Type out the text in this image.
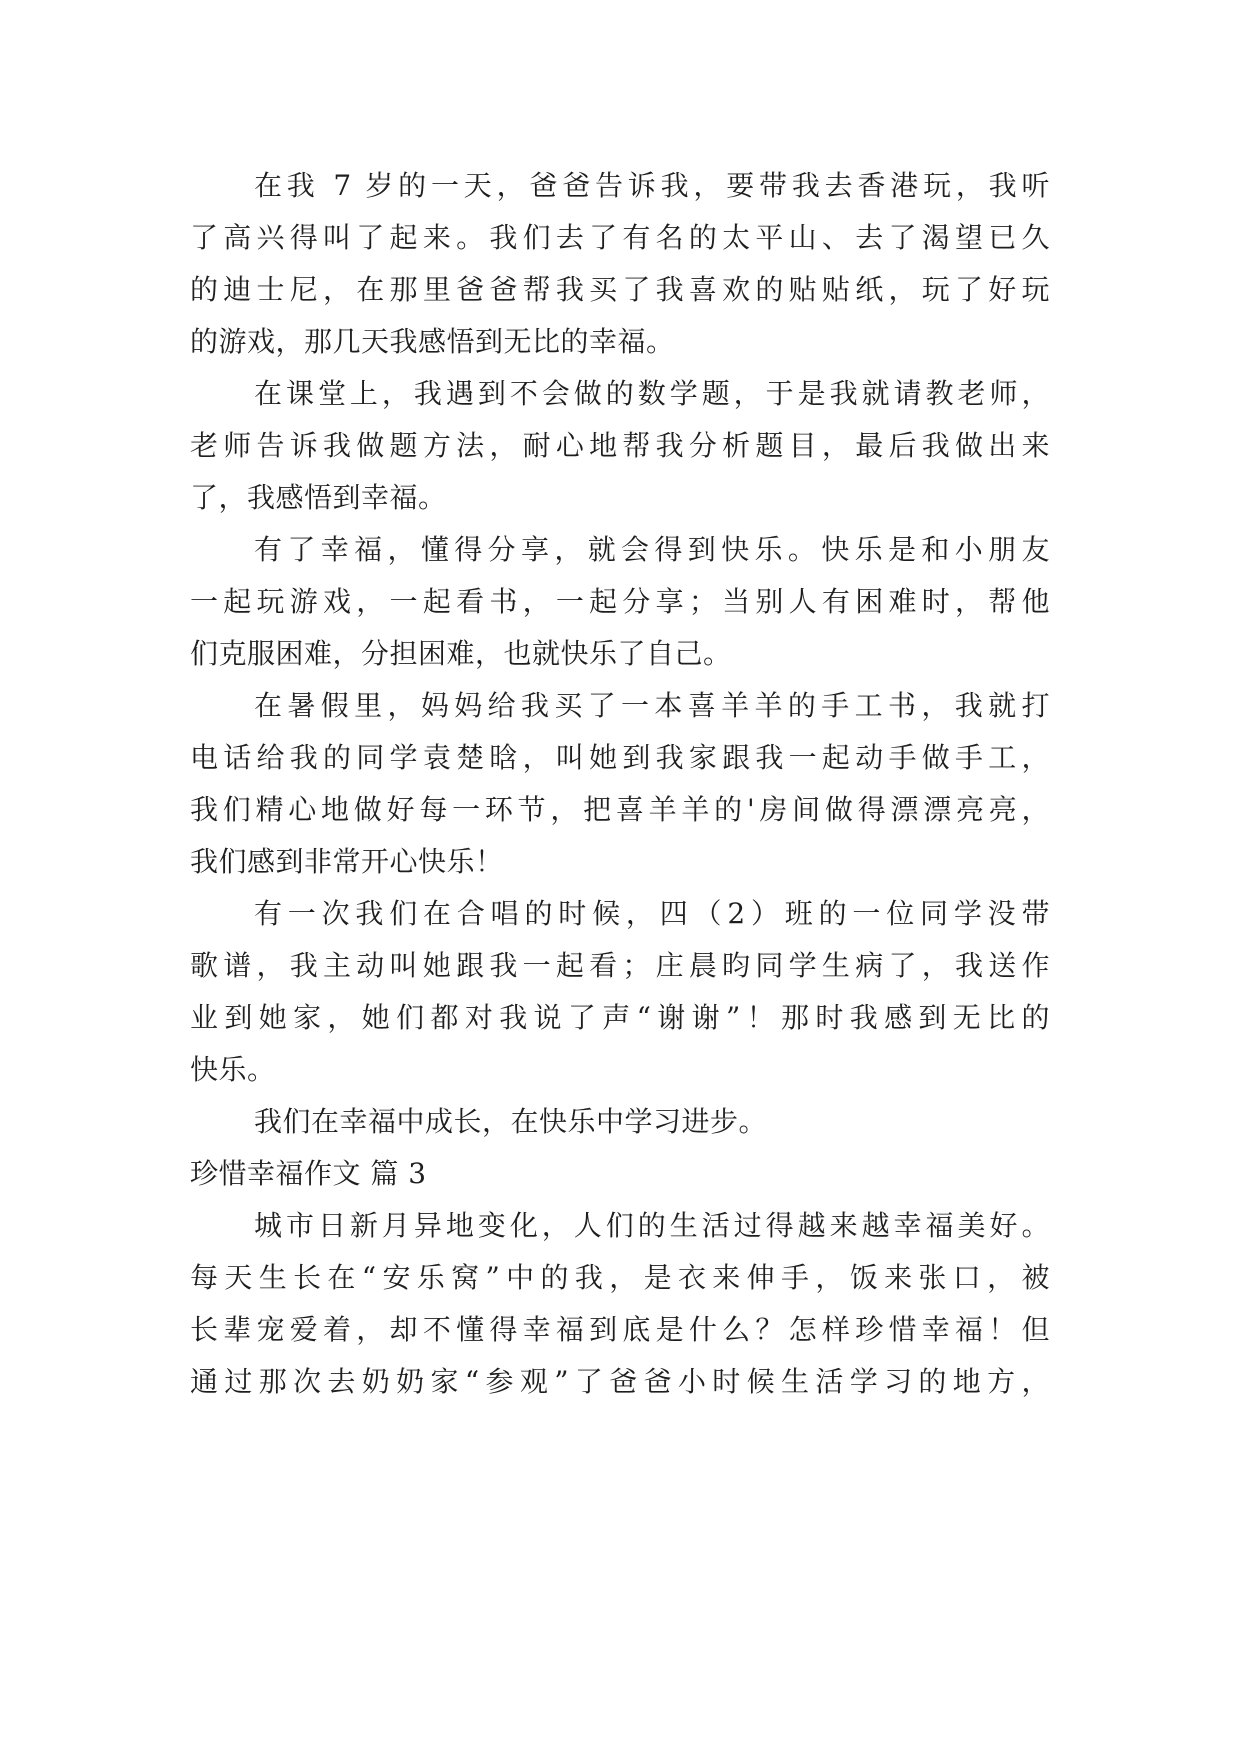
在我 7 岁的一天，爸爸告诉我，要带我去香港玩，我听
了高兴得叫了起来。我们去了有名的太平山、去了渴望已久
的迪士尼，在那里爸爸帮我买了我喜欢的贴贴纸，玩了好玩
的游戏，那几天我感悟到无比的幸福。
在课堂上，我遇到不会做的数学题，于是我就请教老师，
老师告诉我做题方法，耐心地帮我分析题目，最后我做出来
了，我感悟到幸福。
有了幸福，懂得分享，就会得到快乐。快乐是和小朋友
一起玩游戏，一起看书，一起分享；当别人有困难时，帮他
们克服困难，分担困难，也就快乐了自己。
在暑假里，妈妈给我买了一本喜羊羊的手工书，我就打
电话给我的同学袁楚晗，叫她到我家跟我一起动手做手工，
我们精心地做好每一环节，把喜羊羊的'房间做得漂漂亮亮，
我们感到非常开心快乐！
有一次我们在合唱的时候，四（2）班的一位同学没带
歌谱，我主动叫她跟我一起看；庄晨昀同学生病了，我送作
业到她家，她们都对我说了声“谢谢”！那时我感到无比的
快乐。
我们在幸福中成长，在快乐中学习进步。
珍惜幸福作文 篇 3
城市日新月异地变化，人们的生活过得越来越幸福美好。
每天生长在“安乐窝”中的我，是衣来伸手，饭来张口，被
长辈宠爱着，却不懂得幸福到底是什么？怎样珍惜幸福！但
通过那次去奶奶家“参观”了爸爸小时候生活学习的地方，
